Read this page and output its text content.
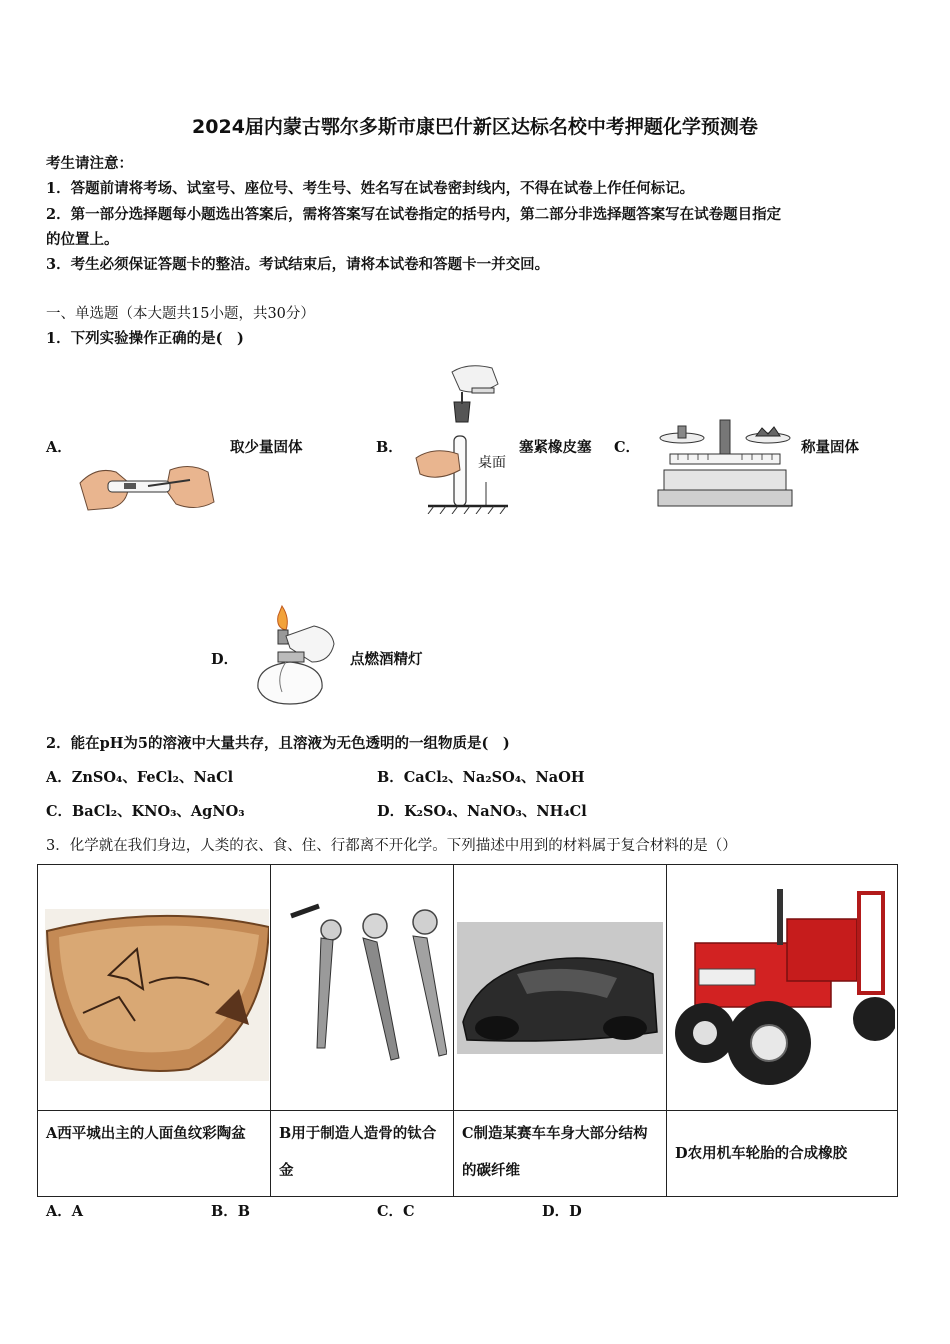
2024届内蒙古鄂尔多斯市康巴什新区达标名校中考押题化学预测卷
考生请注意：
1．答题前请将考场、试室号、座位号、考生号、姓名写在试卷密封线内，不得在试卷上作任何标记。
2．第一部分选择题每小题选出答案后，需将答案写在试卷指定的括号内，第二部分非选择题答案写在试卷题目指定
的位置上。
3．考生必须保证答题卡的整洁。考试结束后，请将本试卷和答题卡一并交回。
一、单选题（本大题共15小题，共30分）
1．下列实验操作正确的是(　)
A．	取少量固体	B．
桌面
塞紧橡皮塞 C．	称量固体
D．	点燃酒精灯
2．能在pH为5的溶液中大量共存，且溶液为无色透明的一组物质是(　)
A．ZnSO₄、FeCl₂、NaCl	B．CaCl₂、Na₂SO₄、NaOH
C．BaCl₂、KNO₃、AgNO₃	D．K₂SO₄、NaNO₃、NH₄Cl
3．化学就在我们身边，人类的衣、食、住、行都离不开化学。下列描述中用到的材料属于复合材料的是（）

A西平城出主的人面鱼纹彩陶盆	B用于制造人造骨的钛合金	C制造某赛车车身大部分结构的碳纤维	D农用机车轮胎的合成橡胶
A．A	B．B	C．C	D．D
